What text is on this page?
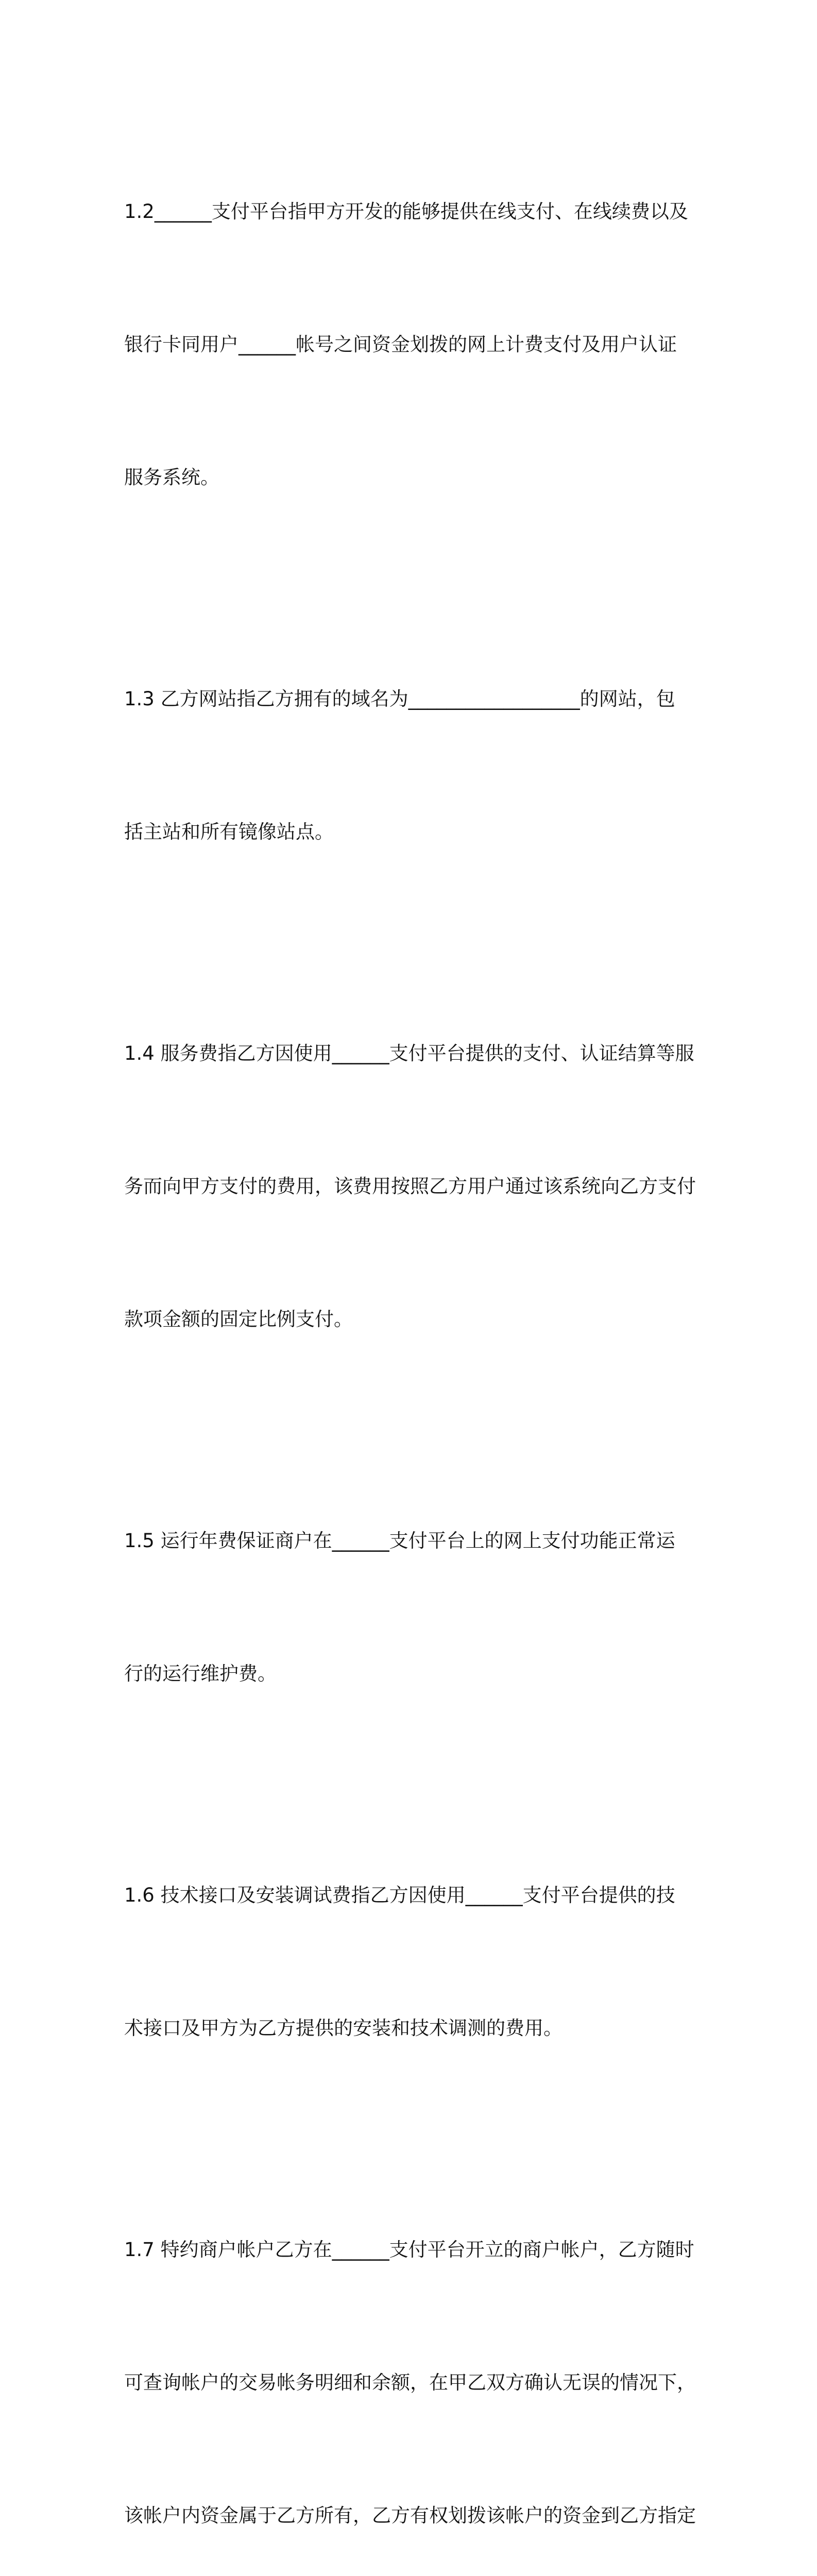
1.2______支付平台指甲方开发的能够提供在线支付、在线续费以及

银行卡同用户______帐号之间资金划拨的网上计费支付及用户认证

服务系统。

1.3 乙方网站指乙方拥有的域名为__________________的网站，包

括主站和所有镜像站点。

1.4 服务费指乙方因使用______支付平台提供的支付、认证结算等服

务而向甲方支付的费用，该费用按照乙方用户通过该系统向乙方支付

款项金额的固定比例支付。

1.5 运行年费保证商户在______支付平台上的网上支付功能正常运

行的运行维护费。

1.6 技术接口及安装调试费指乙方因使用______支付平台提供的技

术接口及甲方为乙方提供的安装和技术调测的费用。

1.7 特约商户帐户乙方在______支付平台开立的商户帐户，乙方随时

可查询帐户的交易帐务明细和余额，在甲乙双方确认无误的情况下，

该帐户内资金属于乙方所有，乙方有权划拨该帐户的资金到乙方指定
